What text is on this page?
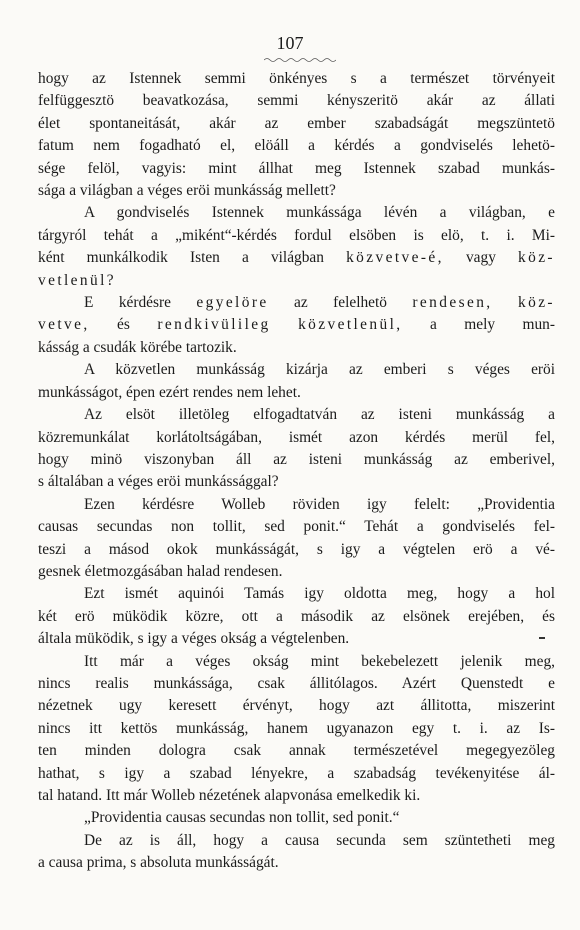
107
hogy az Istennek semmi önkényes s a természet törvényeit
felfüggesztö beavatkozása, semmi kényszeritö akár az állati
élet spontaneitását, akár az ember szabadságát megszüntetö
fatum nem fogadható el, elöáll a kérdés a gondviselés lehetö-
sége felöl, vagyis: mint állhat meg Istennek szabad munkás-
sága a világban a véges eröi munkásság mellett?
A gondviselés Istennek munkássága lévén a világban, e
tárgyról tehát a „miként“-kérdés fordul elsöben is elö, t. i. Mi-
ként munkálkodik Isten a világban közvetve-é, vagy köz-
vetlenül?
E kérdésre egyelöre az felelhetö rendesen, köz-
vetve, és rendkivülileg közvetlenül, a mely mun-
kásság a csudák körébe tartozik.
A közvetlen munkásság kizárja az emberi s véges eröi
munkásságot, épen ezért rendes nem lehet.
Az elsöt illetöleg elfogadtatván az isteni munkásság a
közremunkálat korlátoltságában, ismét azon kérdés merül fel,
hogy minö viszonyban áll az isteni munkásság az emberivel,
s általában a véges eröi munkássággal?
Ezen kérdésre Wolleb röviden igy felelt: „Providentia
causas secundas non tollit, sed ponit.“ Tehát a gondviselés fel-
teszi a másod okok munkásságát, s igy a végtelen erö a vé-
gesnek életmozgásában halad rendesen.
Ezt ismét aquinói Tamás igy oldotta meg, hogy a hol
két erö müködik közre, ott a második az elsönek erejében, és
általa müködik, s igy a véges okság a végtelenben.
Itt már a véges okság mint bekebelezett jelenik meg,
nincs realis munkássága, csak állitólagos. Azért Quenstedt e
nézetnek ugy keresett érvényt, hogy azt állitotta, miszerint
nincs itt kettös munkásság, hanem ugyanazon egy t. i. az Is-
ten minden dologra csak annak természetével megegyezöleg
hathat, s igy a szabad lényekre, a szabadság tevékenyitése ál-
tal hatand. Itt már Wolleb nézetének alapvonása emelkedik ki.
„Providentia causas secundas non tollit, sed ponit.“
De az is áll, hogy a causa secunda sem szüntetheti meg
a causa prima, s absoluta munkásságát.
